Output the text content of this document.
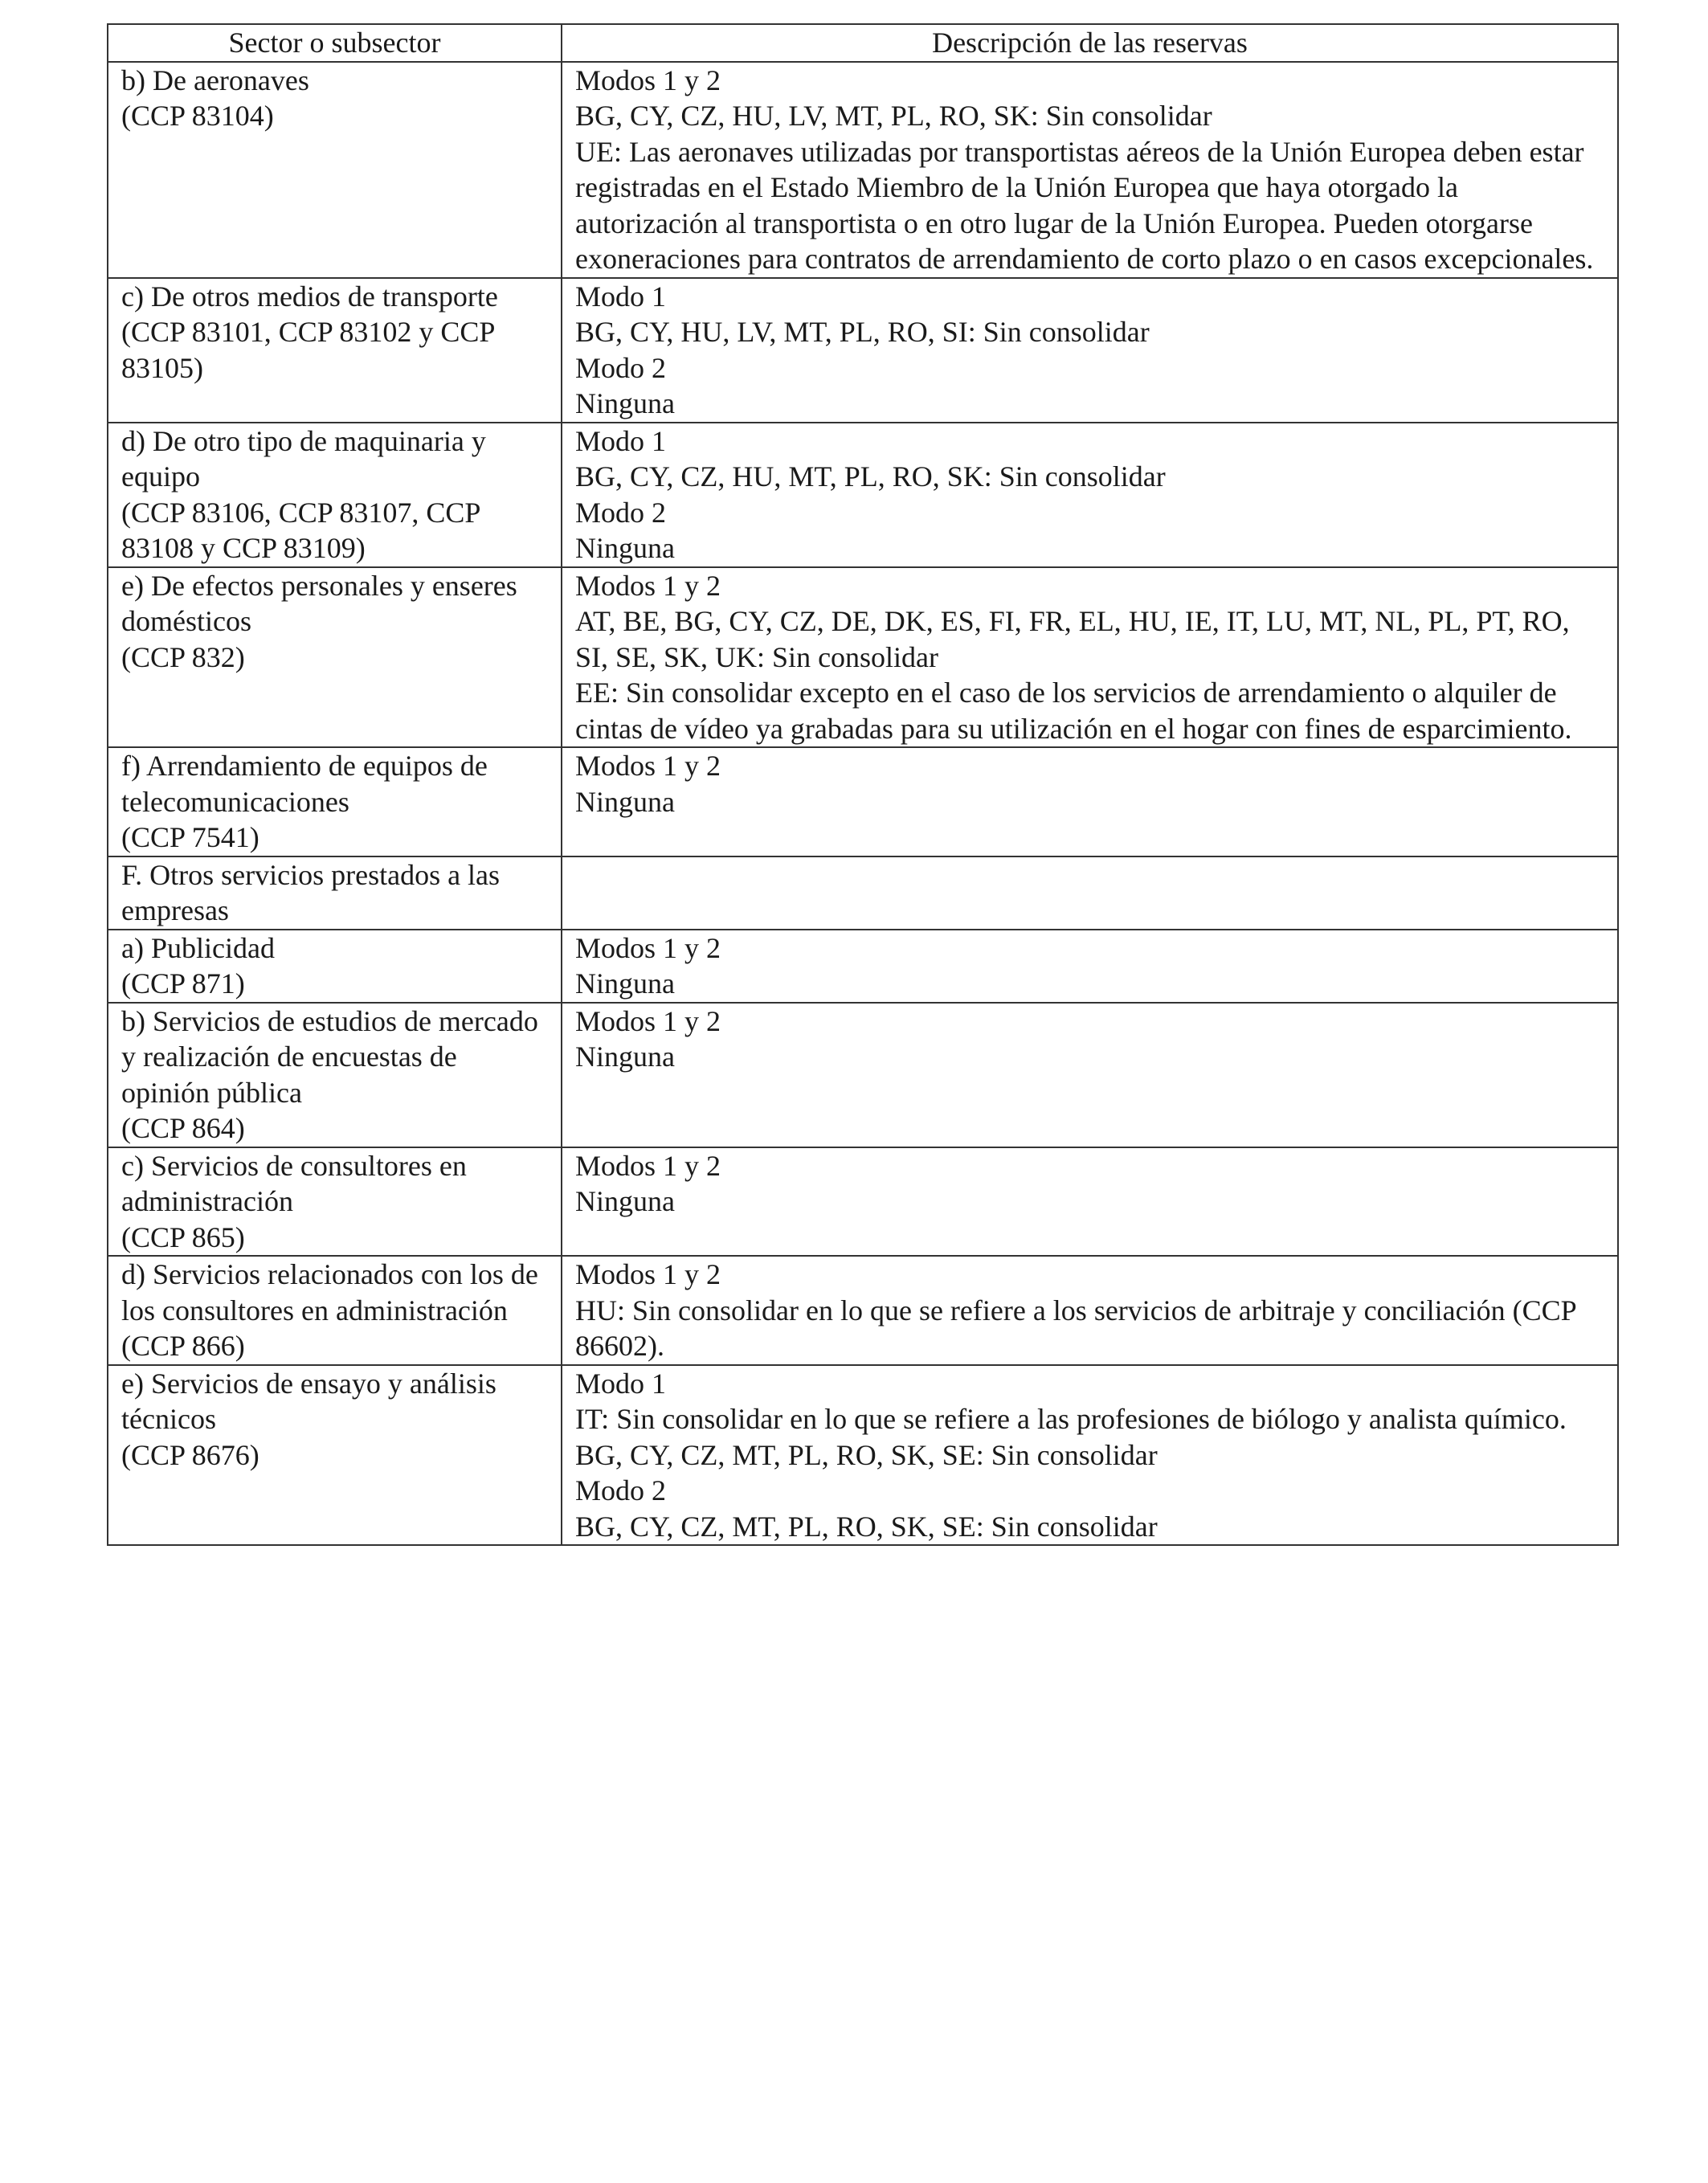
Sector o subsector	Descripción de las reservas

b) De aeronaves
(CCP 83104)	Modos 1 y 2
BG, CY, CZ, HU, LV, MT, PL, RO, SK: Sin consolidar
UE: Las aeronaves utilizadas por transportistas aéreos de la Unión Europea deben estar registradas en el Estado Miembro de la Unión Europea que haya otorgado la autorización al transportista o en otro lugar de la Unión Europea. Pueden otorgarse exoneraciones para contratos de arrendamiento de corto plazo o en casos excepcionales.

c) De otros medios de transporte
(CCP 83101, CCP 83102 y CCP 83105)	Modo 1
BG, CY, HU, LV, MT, PL, RO, SI: Sin consolidar
Modo 2
Ninguna

d) De otro tipo de maquinaria y equipo
(CCP 83106, CCP 83107, CCP 83108 y CCP 83109)	Modo 1
BG, CY, CZ, HU, MT, PL, RO, SK: Sin consolidar
Modo 2
Ninguna

e) De efectos personales y enseres domésticos
(CCP 832)	Modos 1 y 2
AT, BE, BG, CY, CZ, DE, DK, ES, FI, FR, EL, HU, IE, IT, LU, MT, NL, PL, PT, RO, SI, SE, SK, UK: Sin consolidar
EE: Sin consolidar excepto en el caso de los servicios de arrendamiento o alquiler de cintas de vídeo ya grabadas para su utilización en el hogar con fines de esparcimiento.

f) Arrendamiento de equipos de telecomunicaciones
(CCP 7541)	Modos 1 y 2
Ninguna

F. Otros servicios prestados a las empresas	

a) Publicidad
(CCP 871)	Modos 1 y 2
Ninguna

b) Servicios de estudios de mercado y realización de encuestas de opinión pública
(CCP 864)	Modos 1 y 2
Ninguna

c) Servicios de consultores en administración
(CCP 865)	Modos 1 y 2
Ninguna

d) Servicios relacionados con los de los consultores en administración
(CCP 866)	Modos 1 y 2
HU: Sin consolidar en lo que se refiere a los servicios de arbitraje y conciliación (CCP 86602).

e) Servicios de ensayo y análisis técnicos
(CCP 8676)	Modo 1
IT: Sin consolidar en lo que se refiere a las profesiones de biólogo y analista químico.
BG, CY, CZ, MT, PL, RO, SK, SE: Sin consolidar
Modo 2
BG, CY, CZ, MT, PL, RO, SK, SE: Sin consolidar
